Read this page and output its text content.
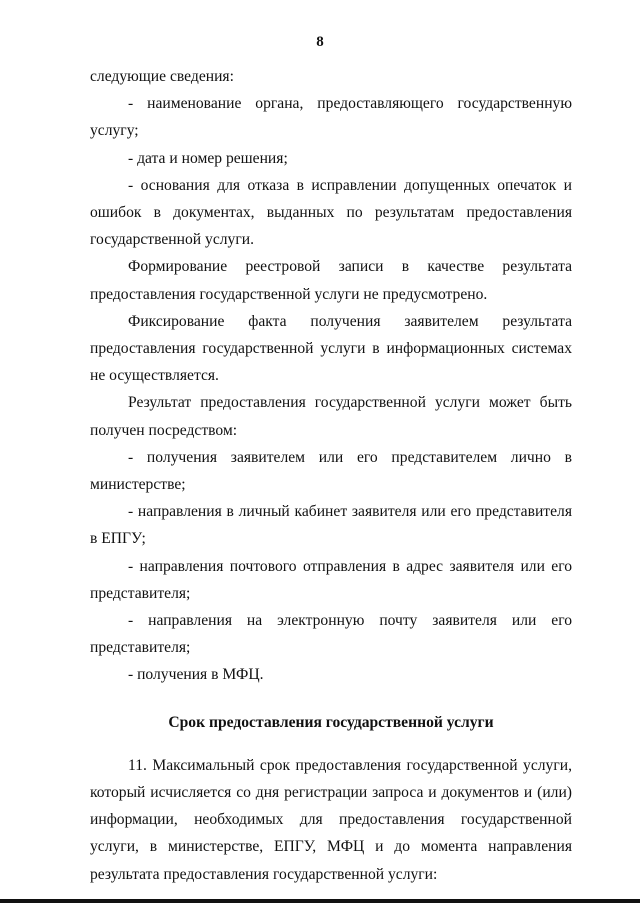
8

следующие сведения:

- наименование органа, предоставляющего государственную услугу;

- дата и номер решения;

- основания для отказа в исправлении допущенных опечаток и ошибок в документах, выданных по результатам предоставления государственной услуги.

Формирование реестровой записи в качестве результата предоставления государственной услуги не предусмотрено.

Фиксирование факта получения заявителем результата предоставления государственной услуги в информационных системах не осуществляется.

Результат предоставления государственной услуги может быть получен посредством:

- получения заявителем или его представителем лично в министерстве;

- направления в личный кабинет заявителя или его представителя в ЕПГУ;

- направления почтового отправления в адрес заявителя или его представителя;

- направления на электронную почту заявителя или его представителя;

- получения в МФЦ.

Срок предоставления государственной услуги

11. Максимальный срок предоставления государственной услуги, который исчисляется со дня регистрации запроса и документов и (или) информации, необходимых для предоставления государственной услуги, в министерстве, ЕПГУ, МФЦ и до момента направления результата предоставления государственной услуги:
